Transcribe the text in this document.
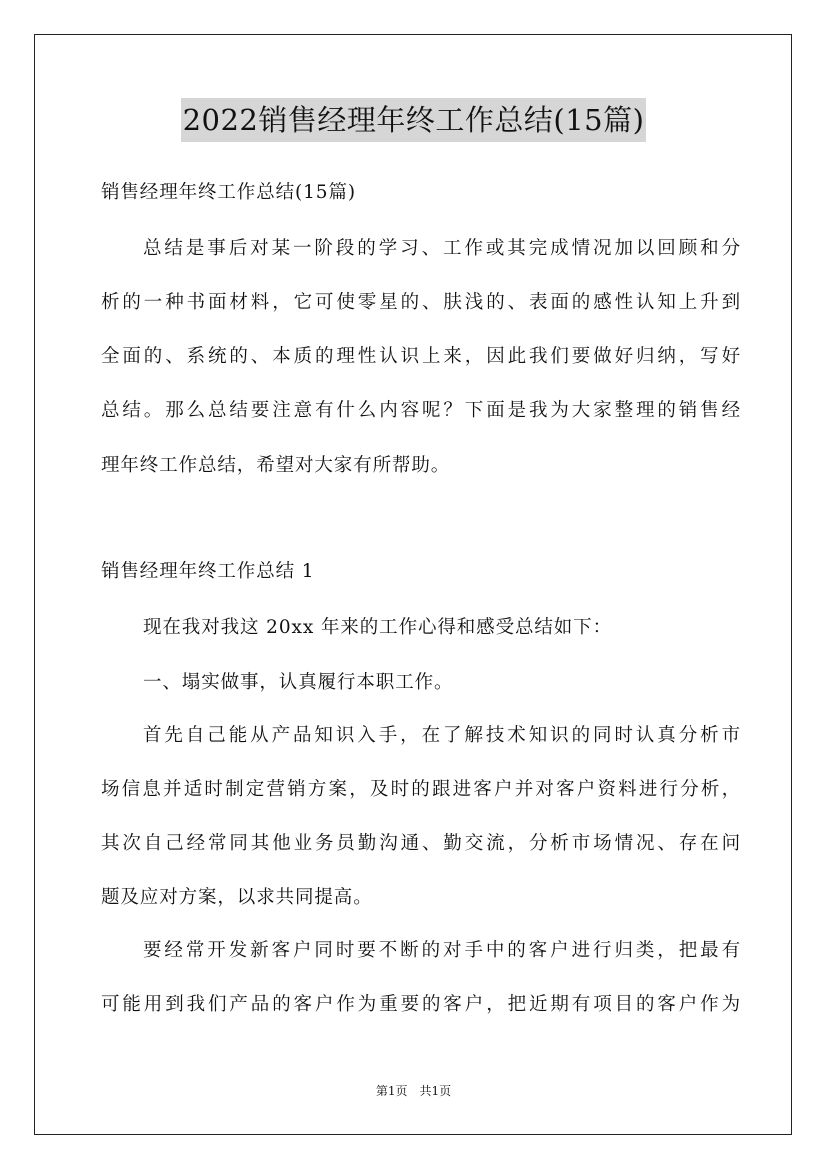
2022销售经理年终工作总结(15篇)
销售经理年终工作总结(15篇)
总结是事后对某一阶段的学习、工作或其完成情况加以回顾和分
析的一种书面材料，它可使零星的、肤浅的、表面的感性认知上升到
全面的、系统的、本质的理性认识上来，因此我们要做好归纳，写好
总结。那么总结要注意有什么内容呢？下面是我为大家整理的销售经
理年终工作总结，希望对大家有所帮助。
销售经理年终工作总结 1
现在我对我这 20xx 年来的工作心得和感受总结如下：
一、塌实做事，认真履行本职工作。
首先自己能从产品知识入手，在了解技术知识的同时认真分析市
场信息并适时制定营销方案，及时的跟进客户并对客户资料进行分析，
其次自己经常同其他业务员勤沟通、勤交流，分析市场情况、存在问
题及应对方案，以求共同提高。
要经常开发新客户同时要不断的对手中的客户进行归类，把最有
可能用到我们产品的客户作为重要的客户，把近期有项目的客户作为
第1页　共1页
